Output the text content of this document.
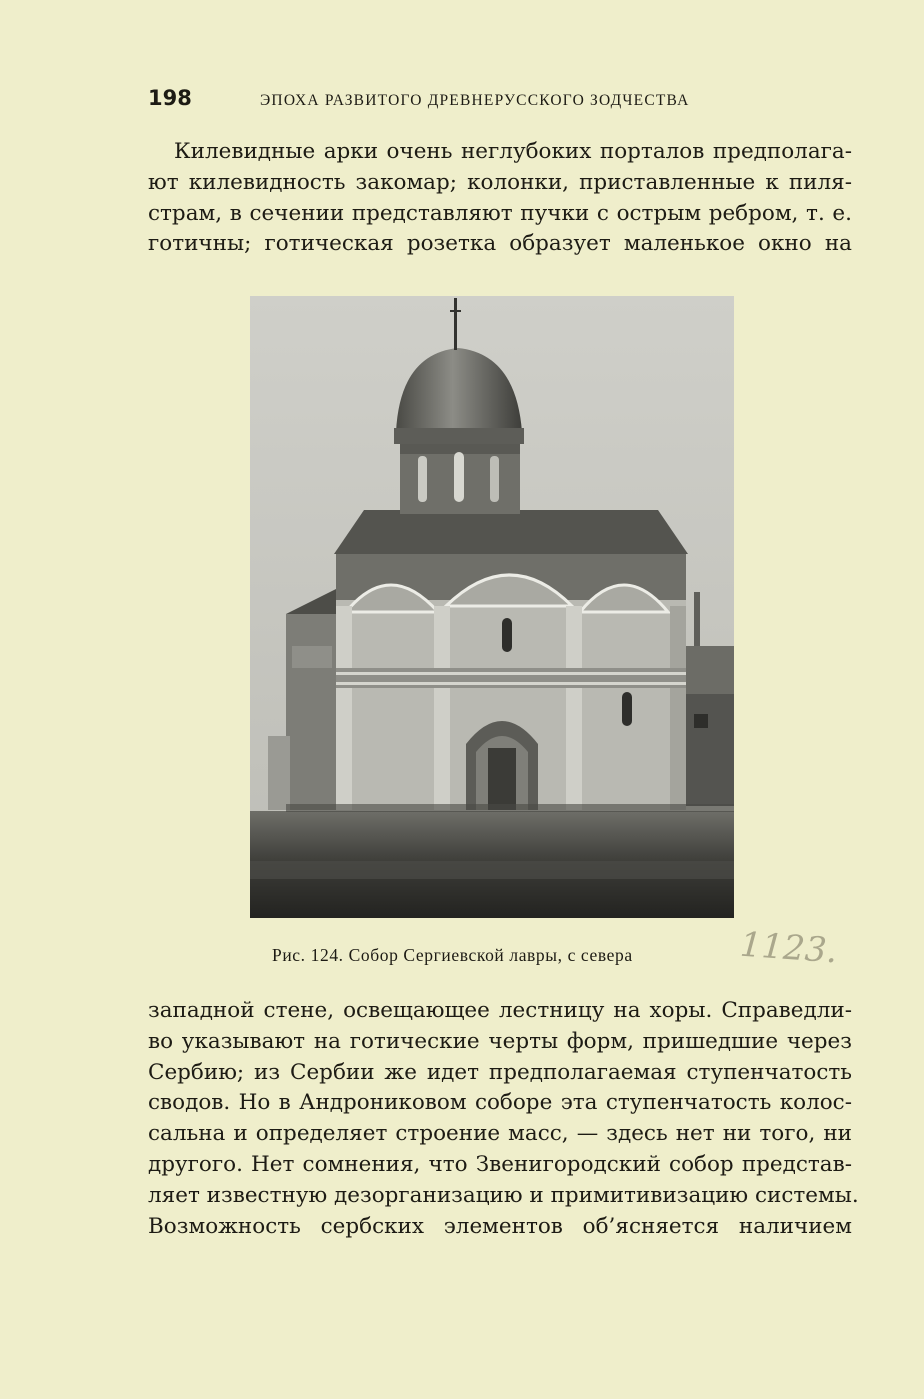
198	ЭПОХА РАЗВИТОГО ДРЕВНЕРУССКОГО ЗОДЧЕСТВА
Килевидные арки очень неглубоких порталов предполага-
ют килевидность закомар; колонки, приставленные к пиля-
страм, в сечении представляют пучки с острым ребром, т. е.
готичны; готическая розетка образует маленькое окно на
Рис. 124. Собор Сергиевской лавры, с севера	1123.
западной стене, освещающее лестницу на хоры. Справедли-
во указывают на готические черты форм, пришедшие через
Сербию; из Сербии же идет предполагаемая ступенчатость
сводов. Но в Андрониковом соборе эта ступенчатость колос-
сальна и определяет строение масс, — здесь нет ни того, ни
другого. Нет сомнения, что Звенигородский собор представ-
ляет известную дезорганизацию и примитивизацию системы.
Возможность сербских элементов об’ясняется наличием
